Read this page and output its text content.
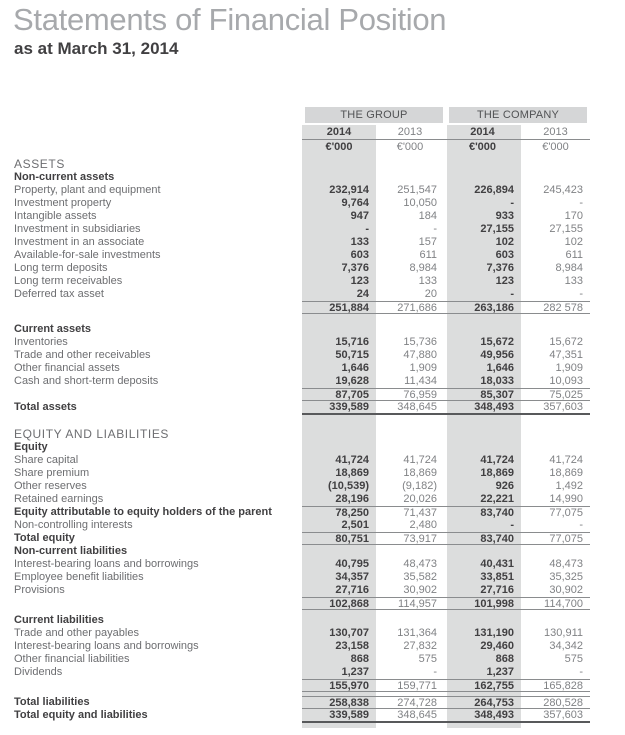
Statements of Financial Position
as at March 31, 2014
THE GROUP	THE COMPANY
2014	2013	2014	2013
€'000	€'000	€'000	€'000
ASSETS
Non-current assets
Property, plant and equipment	232,914	251,547	226,894	245,423
Investment property	9,764	10,050	-	-
Intangible assets	947	184	933	170
Investment in subsidiaries	-	-	27,155	27,155
Investment in an associate	133	157	102	102
Available-for-sale investments	603	611	603	611
Long term deposits	7,376	8,984	7,376	8,984
Long term receivables	123	133	123	133
Deferred tax asset	24	20	-	-
251,884	271,686	263,186	282 578
Current assets
Inventories	15,716	15,736	15,672	15,672
Trade and other receivables	50,715	47,880	49,956	47,351
Other financial assets	1,646	1,909	1,646	1,909
Cash and short-term deposits	19,628	11,434	18,033	10,093
87,705	76,959	85,307	75,025
Total assets	339,589	348,645	348,493	357,603
EQUITY AND LIABILITIES
Equity
Share capital	41,724	41,724	41,724	41,724
Share premium	18,869	18,869	18,869	18,869
Other reserves	(10,539)	(9,182)	926	1,492
Retained earnings	28,196	20,026	22,221	14,990
Equity attributable to equity holders of the parent	78,250	71,437	83,740	77,075
Non-controlling interests	2,501	2,480	-	-
Total equity	80,751	73,917	83,740	77,075
Non-current liabilities
Interest-bearing loans and borrowings	40,795	48,473	40,431	48,473
Employee benefit liabilities	34,357	35,582	33,851	35,325
Provisions	27,716	30,902	27,716	30,902
102,868	114,957	101,998	114,700
Current liabilities
Trade and other payables	130,707	131,364	131,190	130,911
Interest-bearing loans and borrowings	23,158	27,832	29,460	34,342
Other financial liabilities	868	575	868	575
Dividends	1,237	-	1,237	-
155,970	159,771	162,755	165,828
Total liabilities	258,838	274,728	264,753	280,528
Total equity and liabilities	339,589	348,645	348,493	357,603
